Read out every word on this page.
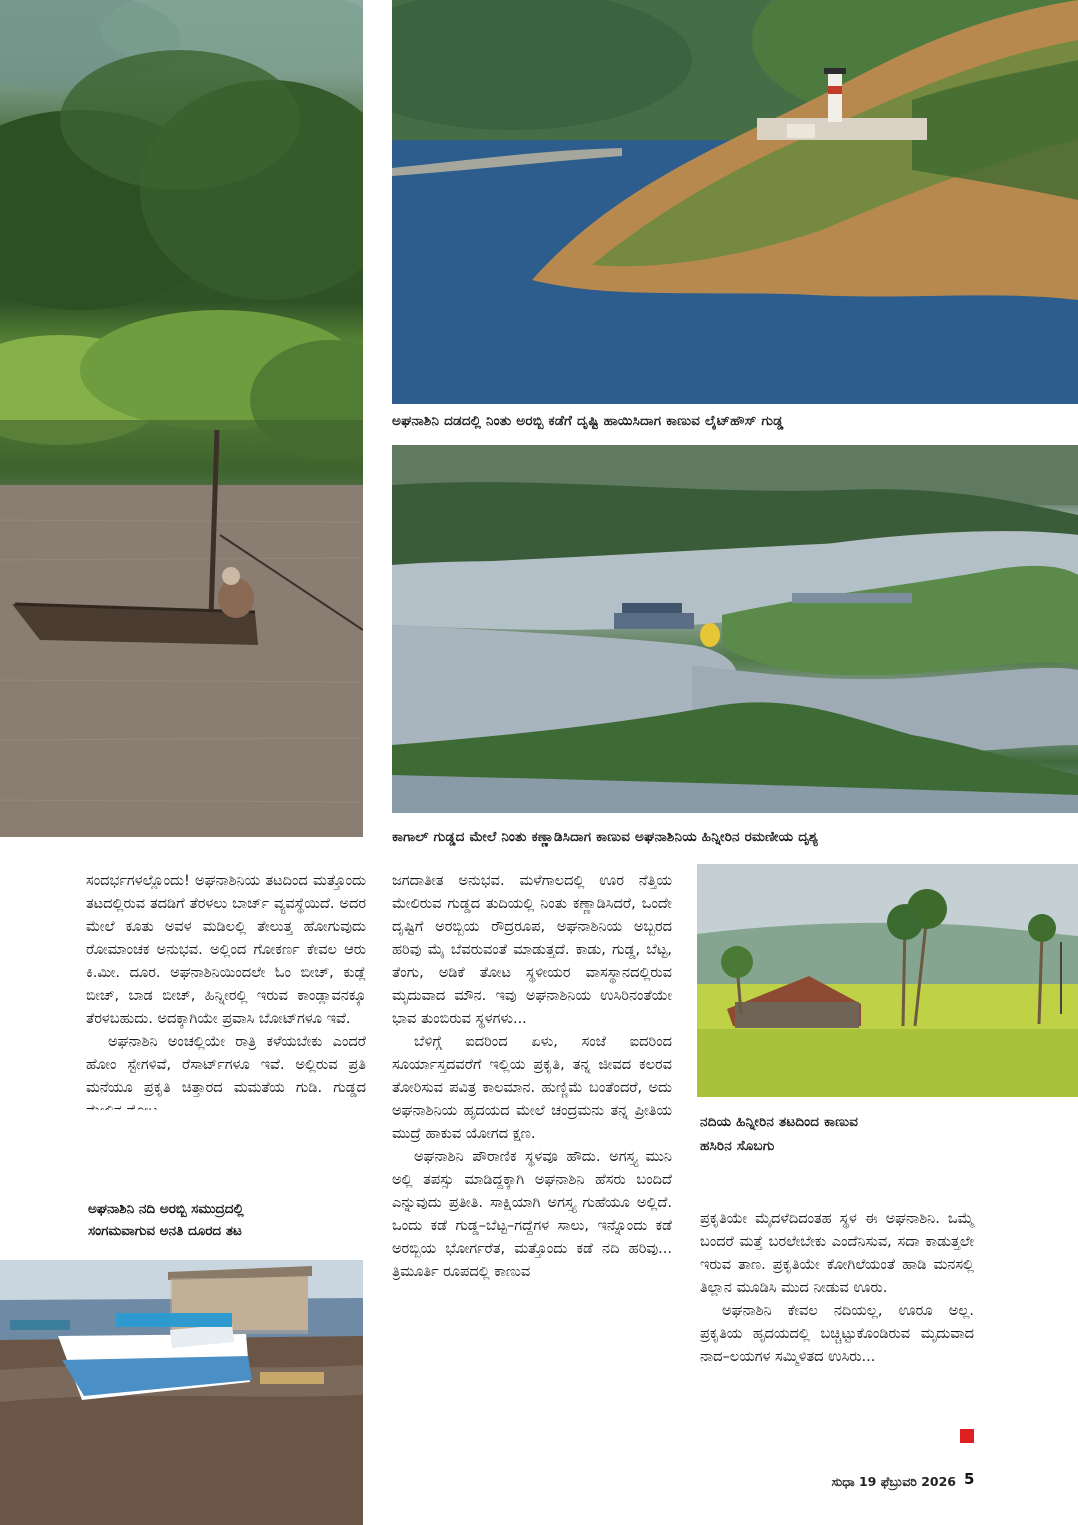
ಅಘನಾಶಿನಿ ದಡದಲ್ಲಿ ನಿಂತು ಅರಬ್ಬಿ ಕಡೆಗೆ ದೃಷ್ಟಿ ಹಾಯಿಸಿದಾಗ ಕಾಣುವ ಲೈಟ್‌ಹೌಸ್ ಗುಡ್ಡ
ಕಾಗಾಲ್ ಗುಡ್ಡದ ಮೇಲೆ ನಿಂತು ಕಣ್ಣಾಡಿಸಿದಾಗ ಕಾಣುವ ಅಘನಾಶಿನಿಯ ಹಿನ್ನೀರಿನ ರಮಣೀಯ ದೃಶ್ಯ

ಸಂದರ್ಭಗಳಲ್ಲೊಂದು! ಅಘನಾಶಿನಿಯ ತಟದಿಂದ ಮತ್ತೊಂದು ತಟದಲ್ಲಿರುವ ತದಡಿಗೆ ತೆರಳಲು ಬಾರ್ಜ್ ವ್ಯವಸ್ಥೆಯಿದೆ. ಅದರ ಮೇಲೆ ಕೂತು ಅವಳ ಮಡಿಲಲ್ಲಿ ತೇಲುತ್ತ ಹೋಗುವುದು ರೋಮಾಂಚಕ ಅನುಭವ. ಅಲ್ಲಿಂದ ಗೋಕರ್ಣ ಕೇವಲ ಆರು ಕಿ.ಮೀ. ದೂರ. ಅಘನಾಶಿನಿಯಿಂದಲೇ ಓಂ ಬೀಚ್, ಕುಡ್ಲೆ ಬೀಚ್, ಬಾಡ ಬೀಚ್, ಹಿನ್ನೀರಲ್ಲಿ ಇರುವ ಕಾಂಡ್ಲಾವನಕ್ಕೂ ತೆರಳಬಹುದು. ಅದಕ್ಕಾಗಿಯೇ ಪ್ರವಾಸಿ ಬೋಟ್‌ಗಳೂ ಇವೆ.

ಅಘನಾಶಿನಿ ಅಂಚಲ್ಲಿಯೇ ರಾತ್ರಿ ಕಳೆಯಬೇಕು ಎಂದರೆ ಹೋಂ ಸ್ಟೇಗಳಿವೆ, ರೆಸಾರ್ಟ್‌ಗಳೂ ಇವೆ. ಅಲ್ಲಿರುವ ಪ್ರತಿ ಮನೆಯೂ ಪ್ರಕೃತಿ ಚಿತ್ತಾರದ ಮಮತೆಯ ಗುಡಿ. ಗುಡ್ಡದ

ಅಘನಾಶಿನಿ ನದಿ ಅರಬ್ಬಿ ಸಮುದ್ರದಲ್ಲಿ
ಸಂಗಮವಾಗುವ ಅನತಿ ದೂರದ ತಟ

ಜಗದಾತೀತ ಅನುಭವ. ಮಳೆಗಾಲದಲ್ಲಿ ಊರ ನೆತ್ತಿಯ ಮೇಲಿರುವ ಗುಡ್ಡದ ತುದಿಯಲ್ಲಿ ನಿಂತು ಕಣ್ಣಾಡಿಸಿದರೆ, ಒಂದೇ ದೃಷ್ಟಿಗೆ ಅರಬ್ಬಿಯ ರೌದ್ರರೂಪ, ಅಘನಾಶಿನಿಯ ಅಬ್ಬರದ ಹರಿವು ಮೈ ಬೆವರುವಂತೆ ಮಾಡುತ್ತದೆ. ಕಾಡು, ಗುಡ್ಡ, ಬೆಟ್ಟ, ತೆಂಗು, ಅಡಿಕೆ ತೋಟ ಸ್ಥಳೀಯರ ವಾಸಸ್ಥಾನದಲ್ಲಿರುವ ಮೃದುವಾದ ಮೌನ. ಇವು ಅಘನಾಶಿನಿಯ ಉಸಿರಿನಂತೆಯೇ ಭಾವ ತುಂಬಿರುವ ಸ್ಥಳಗಳು...

ಬೆಳಿಗ್ಗೆ ಐದರಿಂದ ಏಳು, ಸಂಜೆ ಐದರಿಂದ ಸೂರ್ಯಾಸ್ತದವರೆಗೆ ಇಲ್ಲಿಯ ಪ್ರಕೃತಿ, ತನ್ನ ಜೀವದ ಕಲರವ ತೋರಿಸುವ ಪವಿತ್ರ ಕಾಲಮಾನ. ಹುಣ್ಣಿಮೆ ಬಂತೆಂದರೆ, ಅದು ಅಘನಾಶಿನಿಯ ಹೃದಯದ ಮೇಲೆ ಚಂದ್ರಮನು ತನ್ನ ಪ್ರೀತಿಯ ಮುದ್ರೆ ಹಾಕುವ ಯೋಗದ ಕ್ಷಣ.

ಅಘನಾಶಿನಿ ಪೌರಾಣಿಕ ಸ್ಥಳವೂ ಹೌದು. ಅಗಸ್ತ್ಯ ಮುನಿ ಅಲ್ಲಿ ತಪಸ್ಸು ಮಾಡಿದ್ದಕ್ಕಾಗಿ ಅಘನಾಶಿನಿ ಹೆಸರು ಬಂದಿದೆ ಎನ್ನುವುದು ಪ್ರತೀತಿ. ಸಾಕ್ಷಿಯಾಗಿ ಅಗಸ್ತ್ಯ ಗುಹೆಯೂ ಅಲ್ಲಿದೆ. ಒಂದು ಕಡೆ ಗುಡ್ಡ–ಬೆಟ್ಟ–ಗದ್ದೆಗಳ ಸಾಲು, ಇನ್ನೊಂದು ಕಡೆ ಅರಬ್ಬಿಯ ಭೋರ್ಗರೆತ, ಮತ್ತೊಂದು ಕಡೆ ನದಿ ಹರಿವು... ತ್ರಿಮೂರ್ತಿ ರೂಪದಲ್ಲಿ ಕಾಣುವ

ನದಿಯ ಹಿನ್ನೀರಿನ ತಟದಿಂದ ಕಾಣುವ
ಹಸಿರಿನ ಸೊಬಗು

ಪ್ರಕೃತಿಯೇ ಮೈದಳೆದಿದಂತಹ ಸ್ಥಳ ಈ ಅಘನಾಶಿನಿ. ಒಮ್ಮೆ ಬಂದರೆ ಮತ್ತೆ ಬರಲೇಬೇಕು ಎಂದೆನಿಸುವ, ಸದಾ ಕಾಡುತ್ತಲೇ ಇರುವ ತಾಣ. ಪ್ರಕೃತಿಯೇ ಕೋಗಿಲೆಯಂತೆ ಹಾಡಿ ಮನಸಲ್ಲಿ ತಿಲ್ಲಾನ ಮೂಡಿಸಿ ಮುದ ನೀಡುವ ಊರು.

ಅಘನಾಶಿನಿ ಕೇವಲ ನದಿಯಲ್ಲ, ಊರೂ ಅಲ್ಲ. ಪ್ರಕೃತಿಯ ಹೃದಯದಲ್ಲಿ ಬಚ್ಚಿಟ್ಟುಕೊಂಡಿರುವ ಮೃದುವಾದ ನಾದ–ಲಯಗಳ ಸಮ್ಮಿಳಿತದ ಉಸಿರು...

ಸುಧಾ 19 ಫೆಬ್ರುವರಿ 2026 5
